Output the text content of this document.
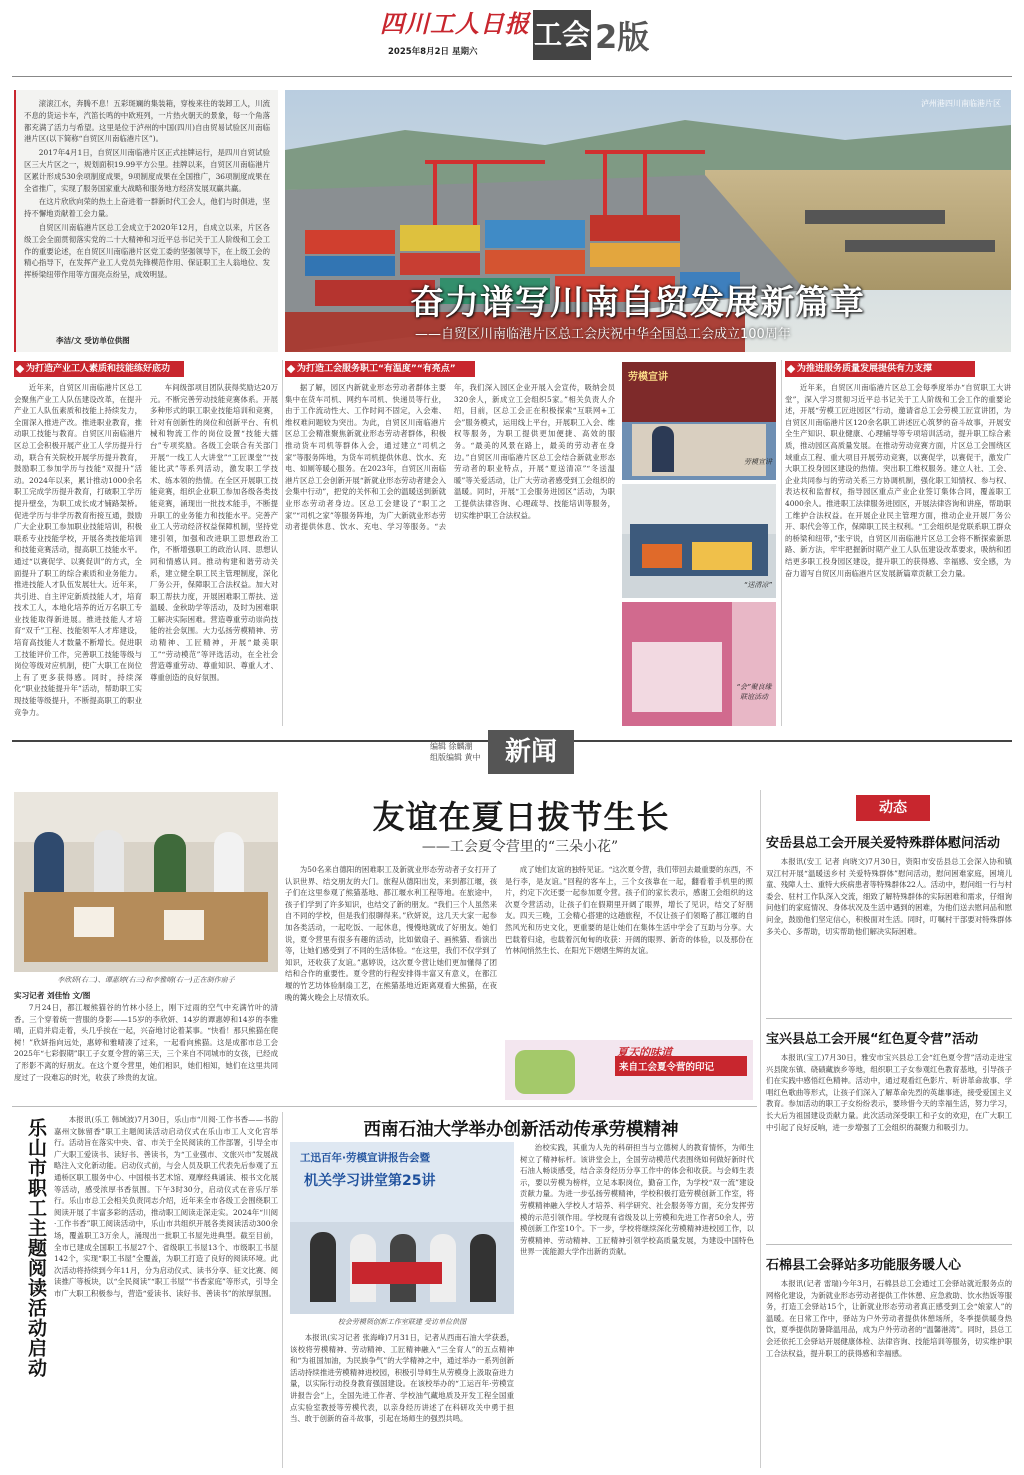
四川工人日报
2025年8月2日 星期六
工会 2版
滚滚江水，奔腾不息！五彩斑斓的集装箱，穿梭来往的装卸工人，川流不息的货运卡车，汽笛长鸣的中欧班列，一片热火朝天的景象，每一个角落都充满了活力与希望。这里是位于泸州的中国(四川)自由贸易试验区川南临港片区(以下简称“自贸区川南临港片区”)。
2017年4月1日，自贸区川南临港片区正式挂牌运行，是四川自贸试验区三大片区之一，规划面积19.99平方公里。挂牌以来，自贸区川南临港片区累计形成530余项制度成果，9项制度成果在全国推广，36项制度成果在全省推广，实现了服务国家重大战略和服务地方经济发展双赢共赢。
在这片欣欣向荣的热土上奋进着一群新时代工会人，他们与时俱进，坚持不懈地贡献着工会力量。
自贸区川南临港片区总工会成立于2020年12月，自成立以来，片区各级工会全面贯彻落实党的二十大精神和习近平总书记关于工人阶级和工会工作的重要论述，在自贸区川南临港片区党工委的坚强领导下，在上级工会的精心指导下，在发挥产业工人党员先锋模范作用、保证职工主人翁地位、发挥桥梁纽带作用等方面亮点纷呈，成效明显。
李洁/文 受访单位供图
泸州港四川南临港片区
奋力谱写川南自贸发展新篇章
——自贸区川南临港片区总工会庆祝中华全国总工会成立100周年
为打造产业工人素质和技能练好底功
近年来，自贸区川南临港片区总工会聚焦产业工人队伍建设改革，在提升产业工人队伍素质和技能上持续发力，全面深入推进产改。推进职业教育，推动职工技能与教育。自贸区川南临港片区总工会积极开展产业工人学历提升行动，联合有关院校开展学历提升教育，鼓励职工参加学历与技能“双提升”活动。2024年以来，累计推动1000余名职工完成学历提升教育，打破职工学历提升壁垒，为职工成长成才铺路架桥。促进学历与非学历教育衔接互通，鼓励广大企业职工参加职业技能培训，积极联系专业技能学校，开展各类技能培训和技能竞赛活动，提高职工技能水平。通过“以赛促学、以赛促训”的方式，全面提升了职工的综合素质和业务能力。推进技能人才队伍发展壮大。近年来，共引进、自主评定新质技能人才，培育技术工人，本地化培养的近万名职工专业技能取得新进展。推进技能人才培育“双千”工程、技能领军人才库建设，培育高技能人才数量不断增长。促进职工技能评价工作，完善职工技能等级与岗位等级对应机制，使广大职工在岗位上有了更多获得感。同时，持续深化“职业技能提升年”活动，帮助职工实现技能等级提升，不断提高职工的职业竞争力。
车间级部项目团队获得奖励达20万元。不断完善劳动技能竞赛体系。开展多种形式的职工职业技能培训和竞赛，针对有创新性的岗位和创新平台、有机械和物流工作的岗位设置“技能大擂台”专项奖励。各级工会联合有关部门开展“一线工人大讲堂”“工匠课堂”“技能比武”等系列活动，激发职工学技术、练本领的热情。在全区开展职工技能竞赛，组织企业职工参加各级各类技能竞赛，涌现出一批技术能手，不断提升职工的业务能力和技能水平。完善产业工人劳动经济权益保障机制，坚持党建引领，加强和改进职工思想政治工作，不断增强职工的政治认同、思想认同和情感认同。推动构建和谐劳动关系，建立健全职工民主管理制度，深化厂务公开，保障职工合法权益。加大对职工帮扶力度，开展困难职工帮扶、送温暖、金秋助学等活动，及时为困难职工解决实际困难。营造尊重劳动崇尚技能的社会氛围。大力弘扬劳模精神、劳动精神、工匠精神，开展“最美职工”“劳动模范”等评选活动，在全社会营造尊重劳动、尊重知识、尊重人才、尊重创造的良好氛围。
为打造工会服务职工“有温度”“有亮点”
据了解，园区内新就业形态劳动者群体主要集中在货车司机、网约车司机、快递员等行业，由于工作流动性大、工作时间不固定，入会难、维权难问题较为突出。为此，自贸区川南临港片区总工会精准聚焦新就业形态劳动者群体，积极推动货车司机等群体入会，通过建立“司机之家”等服务阵地，为货车司机提供休息、饮水、充电、如厕等暖心服务。在2023年，自贸区川南临港片区总工会创新开展“新就业形态劳动者建会入会集中行动”，把党的关怀和工会的温暖送到新就业形态劳动者身边。区总工会建设了“职工之家”“司机之家”等服务阵地，为广大新就业形态劳动者提供休息、饮水、充电、学习等服务。“去年，我们深入园区企业开展入会宣传，吸纳会员320余人，新成立工会组织5家。”相关负责人介绍，目前，区总工会正在积极探索“互联网+工会”服务模式，运用线上平台，开展职工入会、维权等服务，为职工提供更加便捷、高效的服务。“最美的风景在路上，最美的劳动者在身边。”自贸区川南临港片区总工会结合新就业形态劳动者的职业特点，开展“夏送清凉”“冬送温暖”等关爱活动，让广大劳动者感受到工会组织的温暖。同时，开展“工会服务进园区”活动，为职工提供法律咨询、心理疏导、技能培训等服务，切实维护职工合法权益。
劳模宣讲
劳模宣讲
“送清凉”
“会”聚良缘 联谊活动
为推进服务质量发展提供有力支撑
近年来，自贸区川南临港片区总工会每季度举办“自贸职工大讲堂”，深入学习贯彻习近平总书记关于工人阶级和工会工作的重要论述，开展“劳模工匠进园区”行动，邀请省总工会劳模工匠宣讲团，为自贸区川南临港片区120余名职工讲述匠心筑梦的奋斗故事，开展安全生产知识、职业健康、心理辅导等专项培训活动，提升职工综合素质，推动园区高质量发展。在推动劳动竞赛方面，片区总工会围绕区域重点工程、重大项目开展劳动竞赛，以赛促学，以赛促干，激发广大职工投身园区建设的热情。突出职工维权服务。建立人社、工会、企业共同参与的劳动关系三方协调机制，强化职工知情权、参与权、表达权和监督权，指导园区重点产业企业签订集体合同，覆盖职工4000余人。推进职工法律服务进园区，开展法律咨询和讲座，帮助职工维护合法权益。在开展企业民主管理方面，推动企业开展厂务公开、职代会等工作，保障职工民主权利。“工会组织是党联系职工群众的桥梁和纽带，”张宇说，自贸区川南临港片区总工会将不断探索新思路、新方法，牢牢把握新时期产业工人队伍建设改革要求，吸纳和团结更多职工投身园区建设，提升职工的获得感、幸福感、安全感，为奋力谱写自贸区川南临港片区发展新篇章贡献工会力量。
编辑 徐麟潮
组版编辑 黄中 新闻
李欣妍(右二)、谭惠婷(右三)和李雅晴(右一)正在制作扇子
友谊在夏日拔节生长
——工会夏令营里的“三朵小花”
实习记者 刘佳怡 文/图
7月24日，都江堰熊猫谷的竹林小径上，刚下过雨的空气中充满竹叶的清香。三个穿着统一营服的身影——15岁的李欣妍、14岁的谭惠婷和14岁的李雅晴，正肩并肩走着，头几乎挨在一起，兴奋地讨论着某事。“快看！那只熊猫在爬树！”欣妍指向远处，惠婷和雅晴凑了过来，一起看向熊猫。这是成都市总工会2025年“七彩假期”职工子女夏令营的第三天，三个来自不同城市的女孩，已经成了形影不离的好朋友。在这个夏令营里，她们相识，她们相知，她们在这里共同度过了一段难忘的时光，收获了珍贵的友谊。
为50名来自德阳的困难职工及新就业形态劳动者子女打开了认识世界、结交朋友的大门。旅程从德阳出发，来到都江堰，孩子们在这里参观了熊猫基地、都江堰水利工程等地。在旅途中，孩子们学到了许多知识，也结交了新的朋友。“我们三个人虽然来自不同的学校，但是我们很聊得来。”欣妍说，这几天大家一起参加各类活动，一起吃饭、一起休息，慢慢地就成了好朋友。她们说，夏令营里有很多有趣的活动，比如做扇子、画熊猫、看演出等，让她们感受到了不同的生活体验。“在这里，我们不仅学到了知识，还收获了友谊。”惠婷说，这次夏令营让她们更加懂得了团结和合作的重要性。夏令营的行程安排得丰富又有意义，在都江堰的竹艺坊体验制扇工艺，在熊猫基地近距离观看大熊猫，在夜晚的篝火晚会上尽情欢乐。
成了她们友谊的独特见证。“这次夏令营，我们带回去最重要的东西，不是行李，是友谊。”回程的客车上，三个女孩靠在一起，翻看着手机里的照片，约定下次还要一起参加夏令营。孩子们的家长表示，感谢工会组织的这次夏令营活动，让孩子们在假期里开阔了眼界，增长了见识，结交了好朋友。四天三晚，工会精心搭建的这趟旅程，不仅让孩子们领略了都江堰的自然风光和历史文化，更重要的是让她们在集体生活中学会了互助与分享。大巴载着归途，也载着沉甸甸的收获：开阔的眼界、新奇的体验，以及那份在竹林间悄然生长、在阳光下熠熠生辉的友谊。
夏天的味道
来自工会夏令营的印记
乐山市职工主题阅读活动启动	本报讯(乐工 韩域波)7月30日，乐山市“川阅·工作书香——书韵嘉州文脉留香”职工主题阅读活动启动仪式在乐山市工人文化宫举行。活动旨在落实中央、省、市关于全民阅读的工作部署，引导全市广大职工爱读书、读好书、善读书，为“工业强市、文旅兴市”发展战略注入文化新动能。启动仪式前，与会人员及职工代表先后参观了五通桥区职工服务中心、中国根书艺术馆、观摩经典诵读、根书文化展等活动，感受浓厚书香氛围。下午3时30分，启动仪式在音乐厅举行。乐山市总工会相关负责同志介绍，近年来全市各级工会围绕职工阅读开展了丰富多彩的活动，推动职工阅读走深走实。2024年“川阅·工作书香”职工阅读活动中，乐山市共组织开展各类阅读活动300余场，覆盖职工3万余人，涌现出一批职工书屋先进典型。截至目前，全市已建成全国职工书屋27个、省级职工书屋13个、市级职工书屋142个，实现“职工书屋”全覆盖，为职工打造了良好的阅读环境。此次活动将持续到今年11月，分为启动仪式、读书分享、征文比赛、阅读推广等板块，以“全民阅读”“职工书屋”“书香家庭”等形式，引导全市广大职工积极参与，营造“爱读书、读好书、善读书”的浓厚氛围。
西南石油大学举办创新活动传承劳模精神
工迅百年·劳模宣讲报告会暨
机关学习讲堂第25讲
校会劳模领创新工作室联建 受访单位供图
本报讯(实习记者 张海峰)7月31日，记者从西南石油大学获悉，该校将劳模精神、劳动精神、工匠精神融入“三全育人”的五点精神和“为祖国加油，为民族争气”的大学精神之中，通过举办一系列创新活动持续推进劳模精神进校园，积极引导师生从劳模身上汲取奋进力量，以实际行动投身教育强国建设。在该校举办的“工运百年·劳模宣讲报告会”上，全国先进工作者、学校油气藏地质及开发工程全国重点实验室教授等劳模代表，以亲身经历讲述了在科研攻关中勇于担当、敢于创新的奋斗故事，引起在场师生的强烈共鸣。
治校实践，其重为人先的科研担当与立德树人的教育情怀，为师生树立了精神标杆。该讲堂会上，全国劳动模范代表围绕如何做好新时代石油人畅谈感受，结合亲身经历分享工作中的体会和收获。与会师生表示，要以劳模为榜样，立足本职岗位，勤奋工作，为学校“双一流”建设贡献力量。为进一步弘扬劳模精神，学校积极打造劳模创新工作室，将劳模精神融入学校人才培养、科学研究、社会服务等方面，充分发挥劳模的示范引领作用。学校现有省级及以上劳模和先进工作者50余人，劳模创新工作室10个。下一步，学校将继续深化劳模精神进校园工作，以劳模精神、劳动精神、工匠精神引领学校高质量发展，为建设中国特色世界一流能源大学作出新的贡献。
动态
安岳县总工会开展关爱特殊群体慰问活动
本报讯(安工 记者 向晓文)7月30日，资阳市安岳县总工会深入协和镇双江村开展“温暖送乡村 关爱特殊群体”慰问活动，慰问困难家庭，困境儿童、残障人士、重特大疾病患者等特殊群体22人。活动中，慰问组一行与村委会、驻村工作队深入交流，细致了解特殊群体的实际困难和需求，仔细询问他们的家庭情况、身体状况及生活中遇到的困难，为他们送去慰问品和慰问金，鼓励他们坚定信心，积极面对生活。同时，叮嘱村干部要对特殊群体多关心、多帮助，切实帮助他们解决实际困难。
宝兴县总工会开展“红色夏令营”活动
本报讯(宝工)7月30日，雅安市宝兴县总工会“红色夏令营”活动走进宝兴县陇东镇、硗碛藏族乡等地，组织职工子女参观红色教育基地，引导孩子们在实践中感悟红色精神。活动中，通过观看红色影片、听讲革命故事、学唱红色歌曲等形式，让孩子们深入了解革命先烈的英雄事迹，接受爱国主义教育。参加活动的职工子女纷纷表示，要珍惜今天的幸福生活，努力学习，长大后为祖国建设贡献力量。此次活动深受职工和子女的欢迎，在广大职工中引起了良好反响，进一步增强了工会组织的凝聚力和吸引力。
石棉县工会驿站多功能服务暖人心
本报讯(记者 雷瑞)今年3月，石棉县总工会通过工会驿站就近服务点的网格化建设，为新就业形态劳动者提供工作休憩、应急救助、饮水热饭等服务，打造工会驿站15个，让新就业形态劳动者真正感受到工会“娘家人”的温暖。在日常工作中，驿站为户外劳动者提供休憩场所，冬季提供暖身热饮，夏季提供防暑降温用品，成为户外劳动者的“温馨港湾”。同时，县总工会还依托工会驿站开展健康体检、法律咨询、技能培训等服务，切实维护职工合法权益，提升职工的获得感和幸福感。
